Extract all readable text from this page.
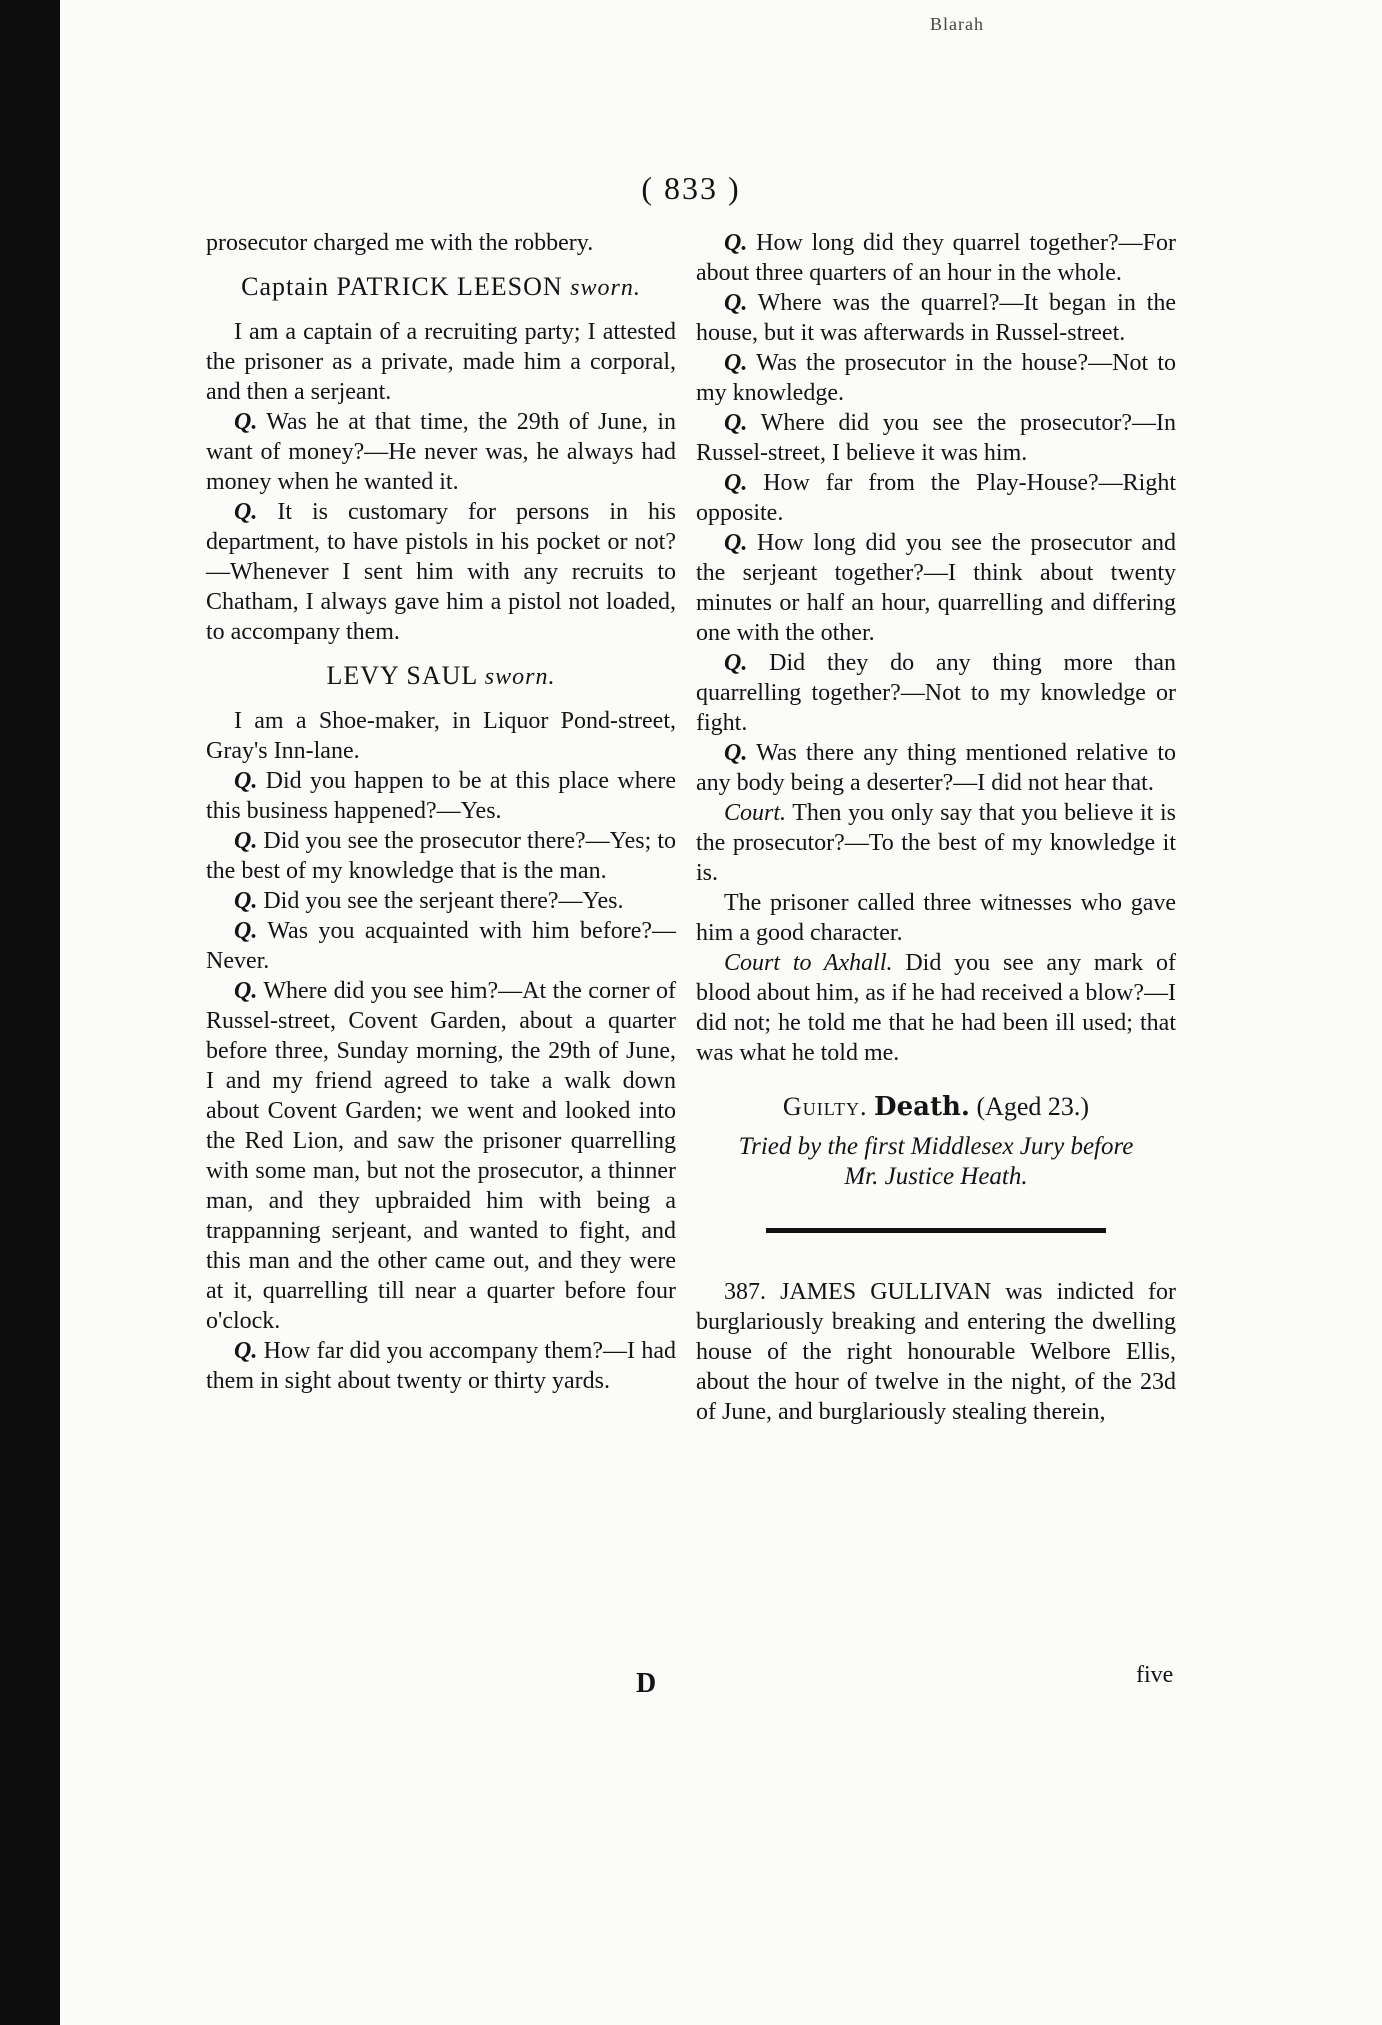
Blarah
( 833 )

prosecutor charged me with the robbery.

Captain PATRICK LEESON sworn.

I am a captain of a recruiting party; I attested the prisoner as a private, made him a corporal, and then a serjeant.

Q. Was he at that time, the 29th of June, in want of money?—He never was, he always had money when he wanted it.

Q. It is customary for persons in his department, to have pistols in his pocket or not?—Whenever I sent him with any recruits to Chatham, I always gave him a pistol not loaded, to accompany them.

LEVY SAUL sworn.

I am a Shoe-maker, in Liquor Pond-street, Gray's Inn-lane.

Q. Did you happen to be at this place where this business happened?—Yes.

Q. Did you see the prosecutor there?—Yes; to the best of my knowledge that is the man.

Q. Did you see the serjeant there?—Yes.

Q. Was you acquainted with him before?—Never.

Q. Where did you see him?—At the corner of Russel-street, Covent Garden, about a quarter before three, Sunday morning, the 29th of June, I and my friend agreed to take a walk down about Covent Garden; we went and looked into the Red Lion, and saw the prisoner quarrelling with some man, but not the prosecutor, a thinner man, and they upbraided him with being a trappanning serjeant, and wanted to fight, and this man and the other came out, and they were at it, quarrelling till near a quarter before four o'clock.

Q. How far did you accompany them?—I had them in sight about twenty or thirty yards.

Q. How long did they quarrel together?—For about three quarters of an hour in the whole.

Q. Where was the quarrel?—It began in the house, but it was afterwards in Russel-street.

Q. Was the prosecutor in the house?—Not to my knowledge.

Q. Where did you see the prosecutor?—In Russel-street, I believe it was him.

Q. How far from the Play-House?—Right opposite.

Q. How long did you see the prosecutor and the serjeant together?—I think about twenty minutes or half an hour, quarrelling and differing one with the other.

Q. Did they do any thing more than quarrelling together?—Not to my knowledge or fight.

Q. Was there any thing mentioned relative to any body being a deserter?—I did not hear that.

Court. Then you only say that you believe it is the prosecutor?—To the best of my knowledge it is.

The prisoner called three witnesses who gave him a good character.

Court to Axhall. Did you see any mark of blood about him, as if he had received a blow?—I did not; he told me that he had been ill used; that was what he told me.

Guilty. Death. (Aged 23.)

Tried by the first Middlesex Jury before

Mr. Justice Heath.

387. JAMES GULLIVAN was indicted for burglariously breaking and entering the dwelling house of the right honourable Welbore Ellis, about the hour of twelve in the night, of the 23d of June, and burglariously stealing therein,

D	five
